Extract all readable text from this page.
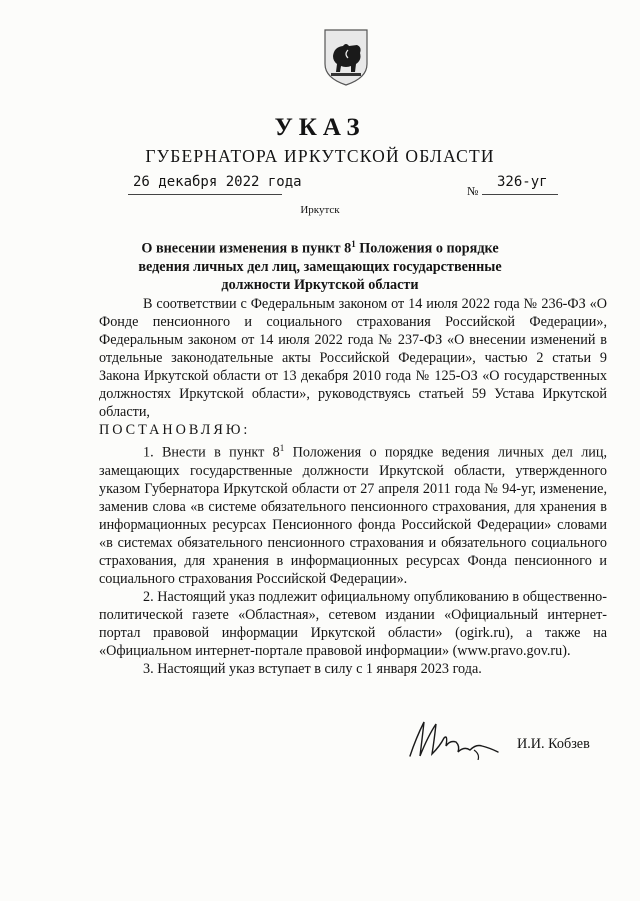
УКАЗ
ГУБЕРНАТОРА ИРКУТСКОЙ ОБЛАСТИ
26 декабря 2022 года
№
326-уг
Иркутск
О внесении изменения в пункт $8^1$ Положения о порядке ведения личных дел лиц, замещающих государственные должности Иркутской области

В соответствии с Федеральным законом от 14 июля 2022 года № 236-ФЗ «О Фонде пенсионного и социального страхования Российской Федерации», Федеральным законом от 14 июля 2022 года № 237-ФЗ «О внесении изменений в отдельные законодательные акты Российской Федерации», частью 2 статьи 9 Закона Иркутской области от 13 декабря 2010 года № 125-ОЗ «О государственных должностях Иркутской области», руководствуясь статьей 59 Устава Иркутской области,

ПОСТАНОВЛЯЮ:

1. Внести в пункт $8^1$ Положения о порядке ведения личных дел лиц, замещающих государственные должности Иркутской области, утвержденного указом Губернатора Иркутской области от 27 апреля 2011 года № 94-уг, изменение, заменив слова «в системе обязательного пенсионного страхования, для хранения в информационных ресурсах Пенсионного фонда Российской Федерации» словами «в системах обязательного пенсионного страхования и обязательного социального страхования, для хранения в информационных ресурсах Фонда пенсионного и социального страхования Российской Федерации».

2. Настоящий указ подлежит официальному опубликованию в общественно-политической газете «Областная», сетевом издании «Официальный интернет-портал правовой информации Иркутской области» (ogirk.ru), а также на «Официальном интернет-портале правовой информации» (www.pravo.gov.ru).

3. Настоящий указ вступает в силу с 1 января 2023 года.

И.И. Кобзев
